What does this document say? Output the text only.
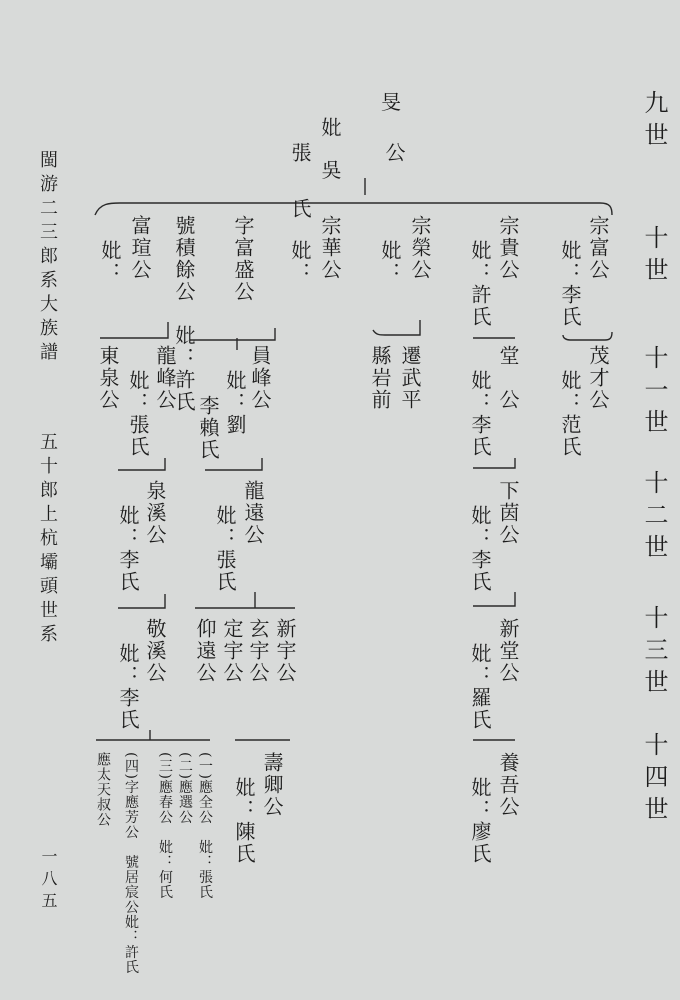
閩游二三郎系大族譜
五十郎上杭壩頭世系
一八五
九世
十世
十一世
十二世
十三世
十四世
旻
公
妣 吳
張　氏
宗富公
妣：李氏
宗貴公
妣：許氏
宗榮公
妣：
宗華公
妣：
字富盛公
號積餘公　妣：許氏
富瑄公
妣：
茂才公
妣：范氏
堂　公
妣：李氏
遷武平
縣岩前
員峰公
妣：劉
李賴氏
龍峰公
妣：張氏
東泉公
下茵公
妣：李氏
龍遠公
妣：張氏
泉溪公
妣：李氏
新堂公
妣：羅氏
新宇公
玄宇公
定宇公
仰遠公
敬溪公
妣：李氏
養吾公
妣：廖氏
壽卿公
妣：陳氏
(一)應全公　妣：張氏
(二)應選公
(三)應春公　妣：何氏
(四)字應芳公　號居宸公妣：許氏
應太天叔公
